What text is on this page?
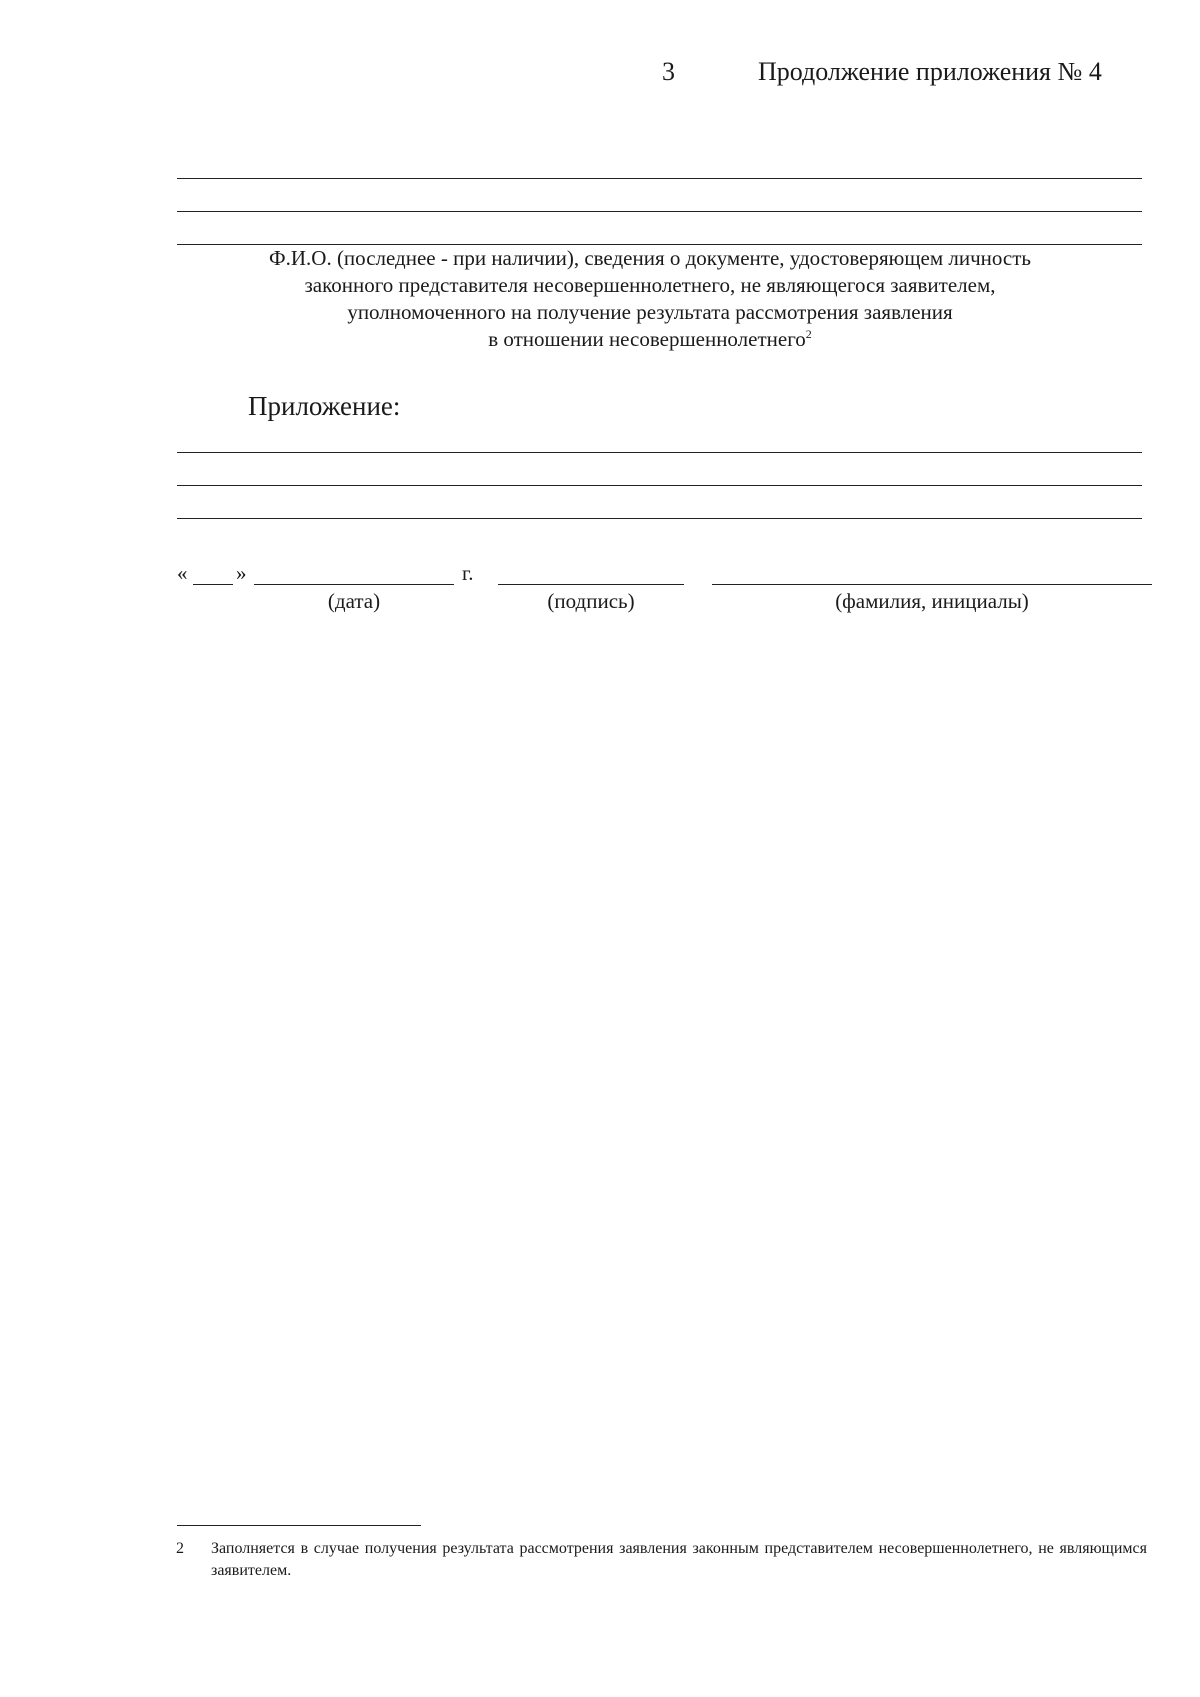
3	Продолжение приложения № 4
Ф.И.О. (последнее - при наличии), сведения о документе, удостоверяющем личность
законного представителя несовершеннолетнего, не являющегося заявителем,
уполномоченного на получение результата рассмотрения заявления
в отношении несовершеннолетнего$^2$
Приложение:
« »	г.
(дата)	(подпись)	(фамилия, инициалы)
2 Заполняется в случае получения результата рассмотрения заявления законным представителем несовершеннолетнего, не являющимся заявителем.
